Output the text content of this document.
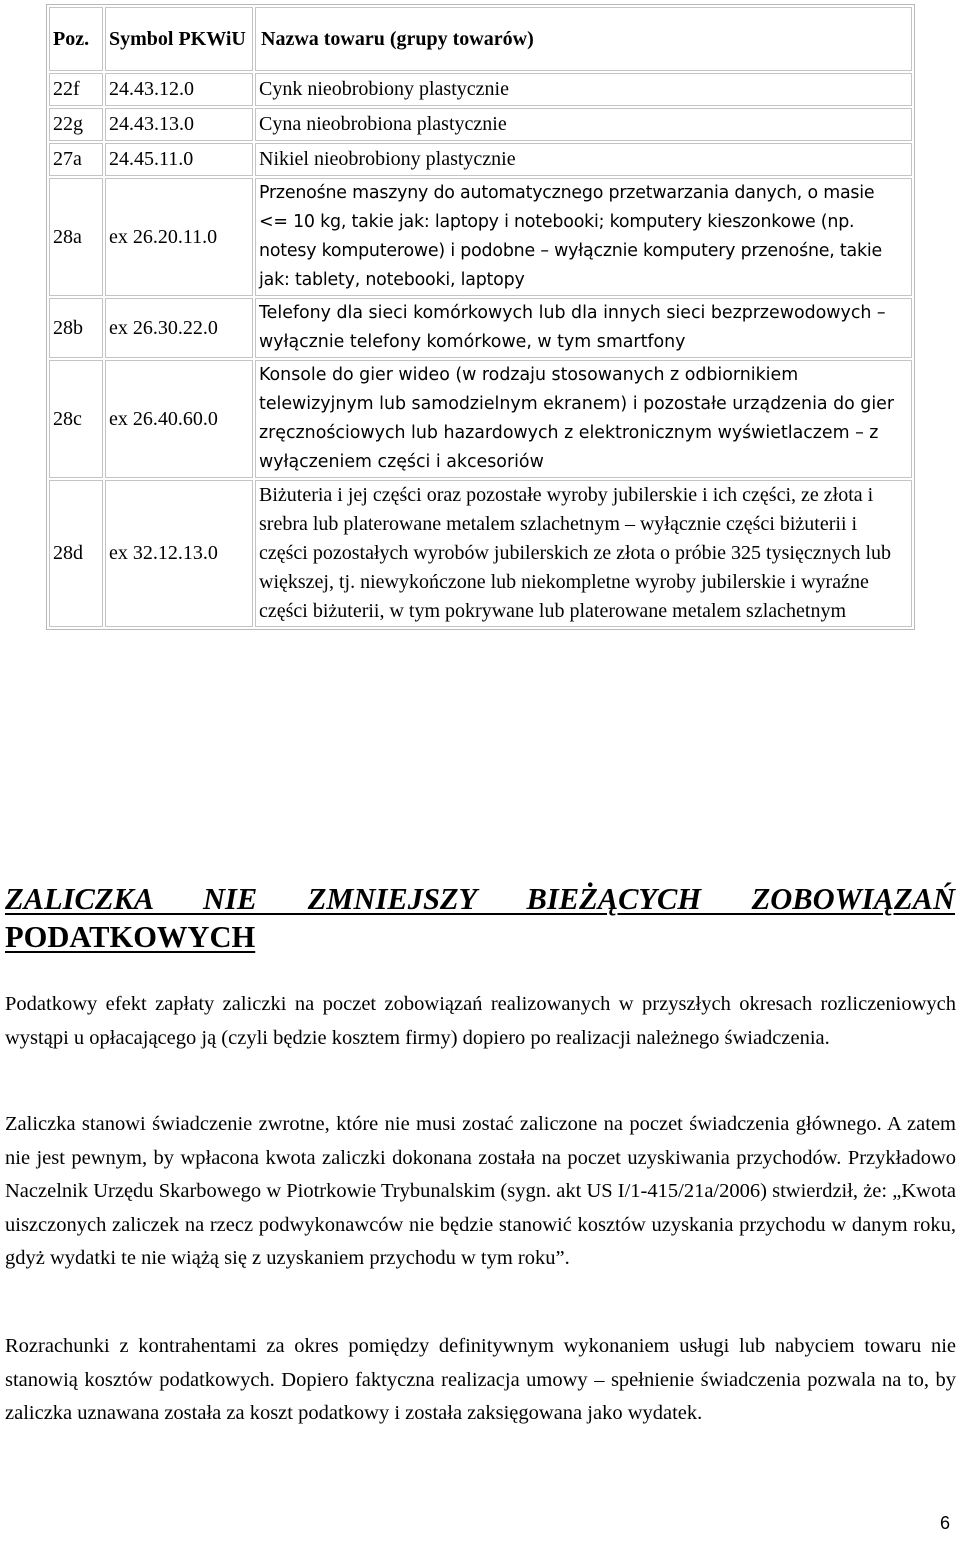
Poz.	Symbol PKWiU	Nazwa towaru (grupy towarów)
22f	24.43.12.0	Cynk nieobrobiony plastycznie
22g	24.43.13.0	Cyna nieobrobiona plastycznie
27a	24.45.11.0	Nikiel nieobrobiony plastycznie
28a	ex 26.20.11.0	Przenośne maszyny do automatycznego przetwarzania danych, o masie <= 10 kg, takie jak: laptopy i notebooki; komputery kieszonkowe (np. notesy komputerowe) i podobne – wyłącznie komputery przenośne, takie jak: tablety, notebooki, laptopy
28b	ex 26.30.22.0	Telefony dla sieci komórkowych lub dla innych sieci bezprzewodowych – wyłącznie telefony komórkowe, w tym smartfony
28c	ex 26.40.60.0	Konsole do gier wideo (w rodzaju stosowanych z odbiornikiem telewizyjnym lub samodzielnym ekranem) i pozostałe urządzenia do gier zręcznościowych lub hazardowych z elektronicznym wyświetlaczem – z wyłączeniem części i akcesoriów
28d	ex 32.12.13.0	Biżuteria i jej części oraz pozostałe wyroby jubilerskie i ich części, ze złota i srebra lub platerowane metalem szlachetnym – wyłącznie części biżuterii i części pozostałych wyrobów jubilerskich ze złota o próbie 325 tysięcznych lub większej, tj. niewykończone lub niekompletne wyroby jubilerskie i wyraźne części biżuterii, w tym pokrywane lub platerowane metalem szlachetnym
ZALICZKA NIE ZMNIEJSZY BIEŻĄCYCH ZOBOWIĄZAŃ
PODATKOWYCH

Podatkowy efekt zapłaty zaliczki na poczet zobowiązań realizowanych w przyszłych okresach rozliczeniowych wystąpi u opłacającego ją (czyli będzie kosztem firmy) dopiero po realizacji należnego świadczenia.

Zaliczka stanowi świadczenie zwrotne, które nie musi zostać zaliczone na poczet świadczenia głównego. A zatem nie jest pewnym, by wpłacona kwota zaliczki dokonana została na poczet uzyskiwania przychodów. Przykładowo Naczelnik Urzędu Skarbowego w Piotrkowie Trybunalskim (sygn. akt US I/1-415/21a/2006) stwierdził, że: „Kwota uiszczonych zaliczek na rzecz podwykonawców nie będzie stanowić kosztów uzyskania przychodu w danym roku, gdyż wydatki te nie wiążą się z uzyskaniem przychodu w tym roku”.

Rozrachunki z kontrahentami za okres pomiędzy definitywnym wykonaniem usługi lub nabyciem towaru nie stanowią kosztów podatkowych. Dopiero faktyczna realizacja umowy – spełnienie świadczenia pozwala na to, by zaliczka uznawana została za koszt podatkowy i została zaksięgowana jako wydatek.

6
